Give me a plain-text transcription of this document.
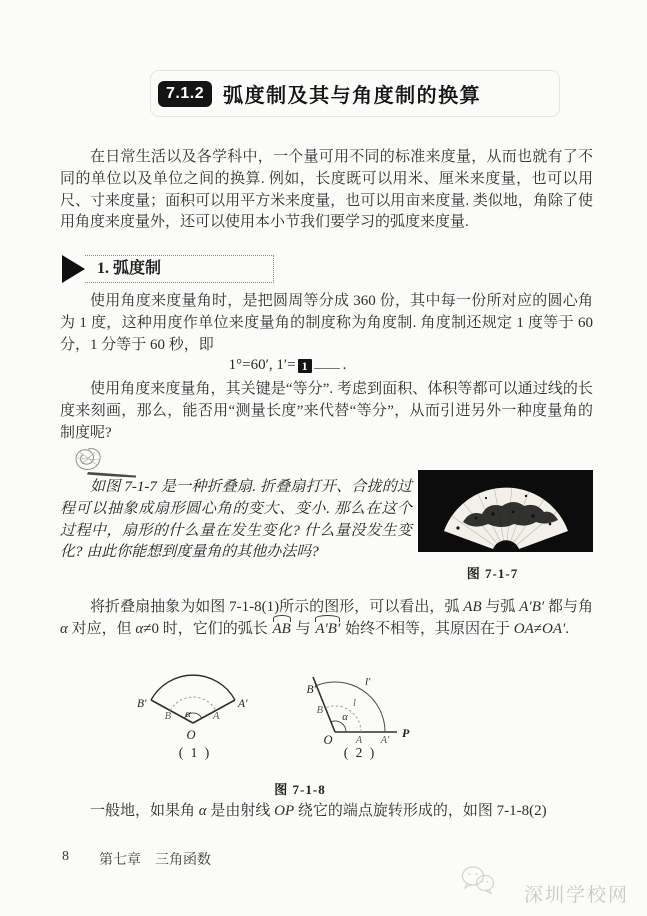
7.1.2 弧度制及其与角度制的换算

在日常生活以及各学科中，一个量可用不同的标准来度量，从而也就有了不同的单位以及单位之间的换算. 例如，长度既可以用米、厘米来度量，也可以用尺、寸来度量；面积可以用平方米来度量，也可以用亩来度量. 类似地，角除了使用角度来度量外，还可以使用本小节我们要学习的弧度来度量.

1. 弧度制

使用角度来度量角时，是把圆周等分成 360 份，其中每一份所对应的圆心角为 1 度，这种用度作单位来度量角的制度称为角度制. 角度制还规定 1 度等于 60 分，1 分等于 60 秒，即

1°=60′, 1′= 1 .

使用角度来度量角，其关键是“等分”. 考虑到面积、体积等都可以通过线的长度来刻画，那么，能否用“测量长度”来代替“等分”，从而引进另外一种度量角的制度呢?

如图 7-1-7 是一种折叠扇. 折叠扇打开、合拢的过程可以抽象成扇形圆心角的变大、变小. 那么在这个过程中，扇形的什么量在发生变化? 什么量没发生变化? 由此你能想到度量角的其他办法吗?

图 7-1-7

将折叠扇抽象为如图 7-1-8(1)所示的图形，可以看出，弧 AB 与弧 A′B′ 都与角 α 对应，但 α≠0 时，它们的弧长 AB 与 A′B′ 始终不相等，其原因在于 OA≠OA′.

B′	A′
B	A
α
O
( 1 )
B′
B
α
O A A′
P
l
l′
( 2 )
图 7-1-8

一般地，如果角 α 是由射线 OP 绕它的端点旋转形成的，如图 7-1-8(2)

8 第七章　三角函数
深圳学校网
